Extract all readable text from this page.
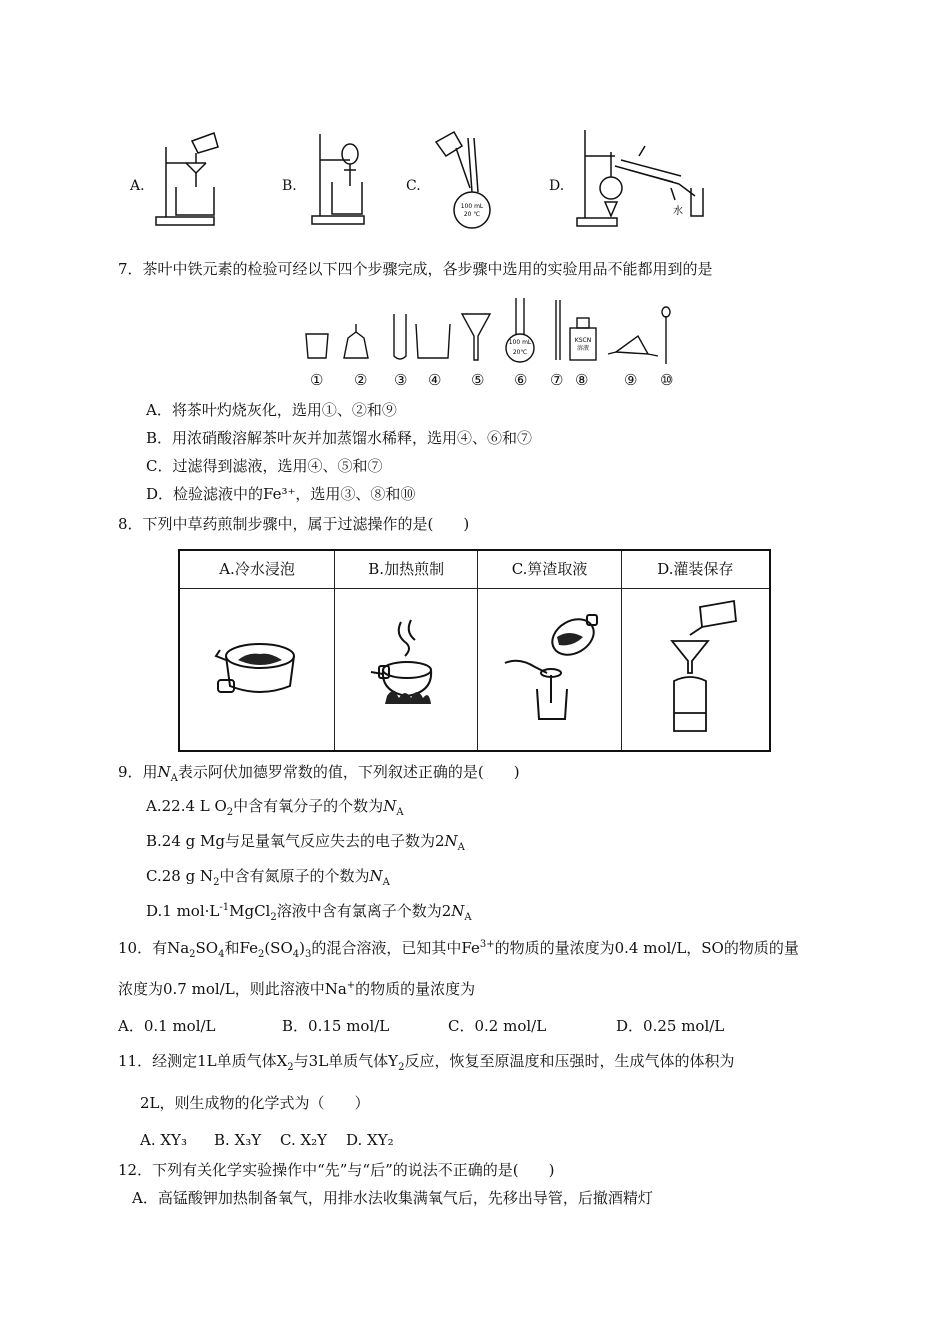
A.	B.	C.	D.
100 mL
20 ℃	水
7．茶叶中铁元素的检验可经以下四个步骤完成，各步骤中选用的实验用品不能都用到的是
100 mL
20℃
KSCN
溶液
① ② ③ ④ ⑤ ⑥ ⑦ ⑧ ⑨ ⑩
A．将茶叶灼烧灰化，选用①、②和⑨
B．用浓硝酸溶解茶叶灰并加蒸馏水稀释，选用④、⑥和⑦
C．过滤得到滤液，选用④、⑤和⑦
D．检验滤液中的Fe³⁺，选用③、⑧和⑩
8．下列中草药煎制步骤中，属于过滤操作的是(　　)
A.冷水浸泡	B.加热煎制	C.箅渣取液	D.灌装保存

9．用$N_A$表示阿伏加德罗常数的值，下列叙述正确的是(　　)
A.22.4 L $O_2$中含有氧分子的个数为$N_A$
B.24 g Mg与足量氧气反应失去的电子数为$2N_A$
C.28 g $N_2$中含有氮原子的个数为$N_A$
D.1 $mol\cdot L^{-1}MgCl_2$溶液中含有氯离子个数为$2N_A$
10．有$Na_2SO_4$和$Fe_2(SO_4)_3$的混合溶液，已知其中$Fe^{3+}$的物质的量浓度为0.4 mol/L，SO的物质的量
浓度为0.7 mol/L，则此溶液中Na+的物质的量浓度为
A．0.1 mol/L	B．0.15 mol/L	C．0.2 mol/L	D．0.25 mol/L
11．经测定1L单质气体$X_2$与3L单质气体$Y_2$反应，恢复至原温度和压强时，生成气体的体积为
2L，则生成物的化学式为（　　）
A. XY₃ B. X₃Y C. X₂Y D. XY₂
12．下列有关化学实验操作中“先”与“后”的说法不正确的是(　　)
A．高锰酸钾加热制备氧气，用排水法收集满氧气后，先移出导管，后撤酒精灯
